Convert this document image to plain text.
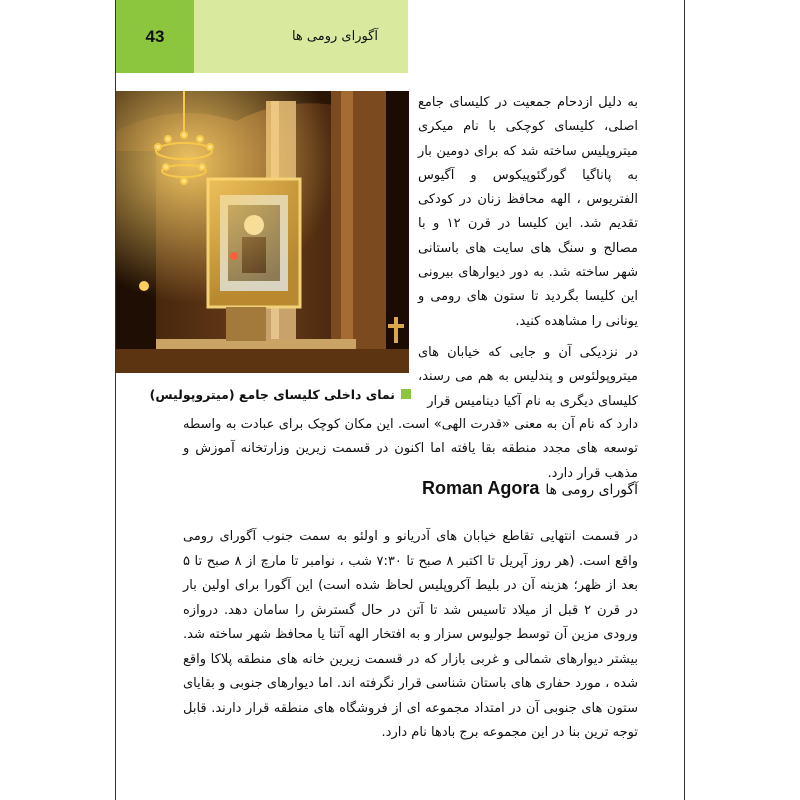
43	آگورای رومی ها
نمای داخلی کلیسای جامع (میتروپولیس)

به دلیل ازدحام جمعیت در کلیسای جامع اصلی، کلیسای کوچکی با نام میکری میتروپلیس ساخته شد که برای دومین بار به پاناگیا گورگئوپیکوس و آگیوس الفتریوس ، الهه محافظ زنان در کودکی تقدیم شد. این کلیسا در قرن ۱۲ و با مصالح و سنگ های سایت های باستانی شهر ساخته شد. به دور دیوارهای بیرونی این کلیسا بگردید تا ستون های رومی و یونانی را مشاهده کنید.

در نزدیکی آن و جایی که خیابان های میتروپولئوس و پندلیس به هم می رسند، کلیسای دیگری به نام آکیا دینامیس قرار

دارد که نام آن به معنی «قدرت الهی» است. این مکان کوچک برای عبادت به واسطه توسعه های مجدد منطقه بقا یافته اما اکنون در قسمت زیرین وزارتخانه آموزش و مذهب قرار دارد.

آگورای رومی ها
Roman Agora

در قسمت انتهایی تقاطع خیابان های آدریانو و اولئو به سمت جنوب آگورای رومی واقع است. (هر روز آپریل تا اکتبر ۸ صبح تا ۷:۳۰ شب ، نوامبر تا مارچ از ۸ صبح تا ۵ بعد از ظهر؛ هزینه آن در بلیط آکروپلیس لحاظ شده است) این آگورا برای اولین بار در قرن ۲ قبل از میلاد تاسیس شد تا آتن در حال گسترش را سامان دهد. دروازه ورودی مزین آن توسط جولیوس سزار و به افتخار الهه آتنا یا محافظ شهر ساخته شد. بیشتر دیوارهای شمالی و غربی بازار که در قسمت زیرین خانه های منطقه پلاکا واقع شده ، مورد حفاری های باستان شناسی قرار نگرفته اند. اما دیوارهای جنوبی و بقایای ستون های جنوبی آن در امتداد مجموعه ای از فروشگاه های منطقه قرار دارند. قابل توجه ترین بنا در این مجموعه برج بادها نام دارد.
